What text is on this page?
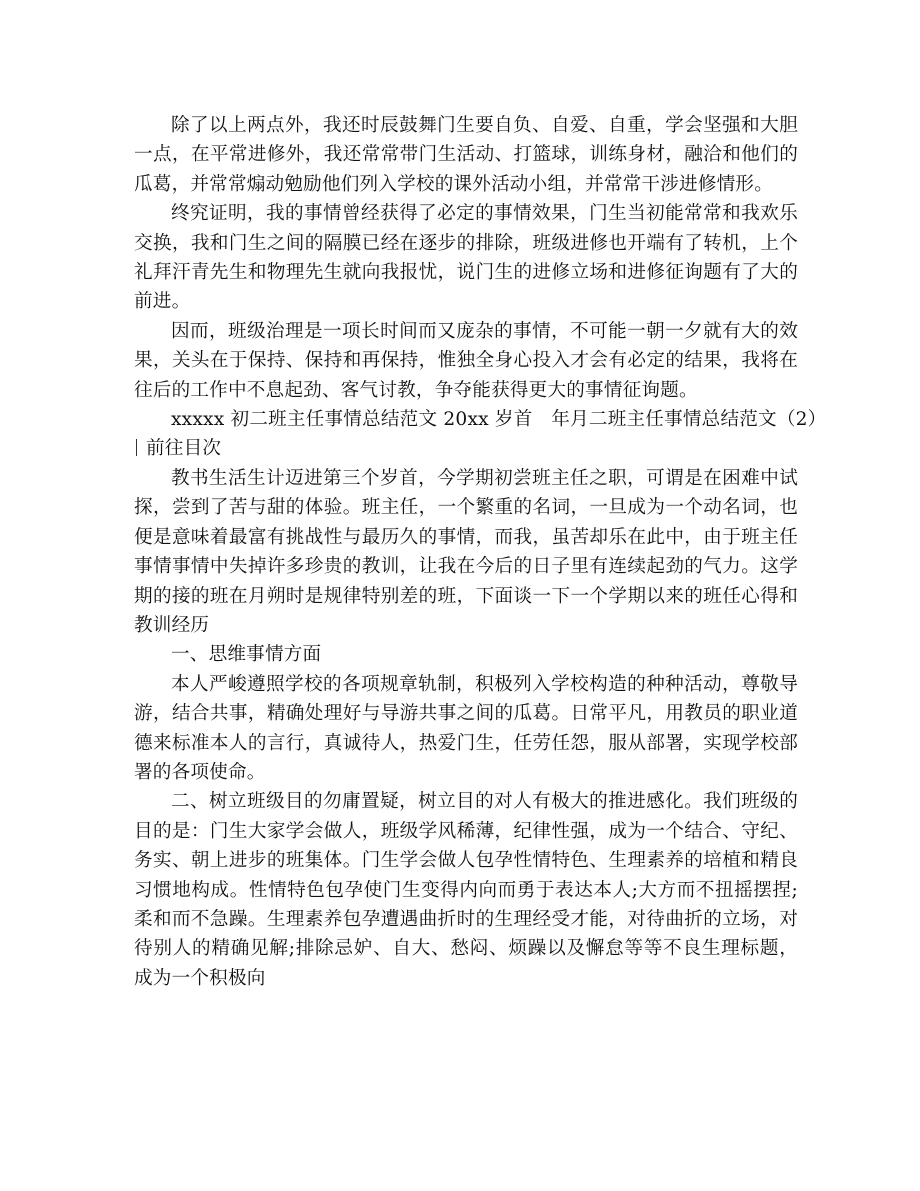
除了以上两点外，我还时辰鼓舞门生要自负、自爱、自重，学会坚强和大胆一点，在平常进修外，我还常常带门生活动、打篮球，训练身材，融洽和他们的瓜葛，并常常煽动勉励他们列入学校的课外活动小组，并常常干涉进修情形。

终究证明，我的事情曾经获得了必定的事情效果，门生当初能常常和我欢乐交换，我和门生之间的隔膜已经在逐步的排除，班级进修也开端有了转机，上个礼拜汗青先生和物理先生就向我报忧，说门生的进修立场和进修征询题有了大的前进。

因而，班级治理是一项长时间而又庞杂的事情，不可能一朝一夕就有大的效果，关头在于保持、保持和再保持，惟独全身心投入才会有必定的结果，我将在往后的工作中不息起劲、客气讨教，争夺能获得更大的事情征询题。

xxxxx 初二班主任事情总结范文 20xx 岁首　年月二班主任事情总结范文（2）

前往目次

教书生活生计迈进第三个岁首，今学期初尝班主任之职，可谓是在困难中试探，尝到了苦与甜的体验。班主任，一个繁重的名词，一旦成为一个动名词，也便是意味着最富有挑战性与最历久的事情，而我，虽苦却乐在此中，由于班主任事情事情中失掉许多珍贵的教训，让我在今后的日子里有连续起劲的气力。这学期的接的班在月朔时是规律特别差的班，下面谈一下一个学期以来的班任心得和教训经历

一、思维事情方面

本人严峻遵照学校的各项规章轨制，积极列入学校构造的种种活动，尊敬导游，结合共事，精确处理好与导游共事之间的瓜葛。日常平凡，用教员的职业道德来标准本人的言行，真诚待人，热爱门生，任劳任怨，服从部署，实现学校部署的各项使命。

二、树立班级目的勿庸置疑，树立目的对人有极大的推进感化。我们班级的目的是：门生大家学会做人，班级学风稀薄，纪律性强，成为一个结合、守纪、务实、朝上进步的班集体。门生学会做人包孕性情特色、生理素养的培植和精良习惯地构成。性情特色包孕使门生变得内向而勇于表达本人;大方而不扭摇摆捏;柔和而不急躁。生理素养包孕遭遇曲折时的生理经受才能，对待曲折的立场，对待别人的精确见解;排除忌妒、自大、愁闷、烦躁以及懈怠等等不良生理标题，成为一个积极向
